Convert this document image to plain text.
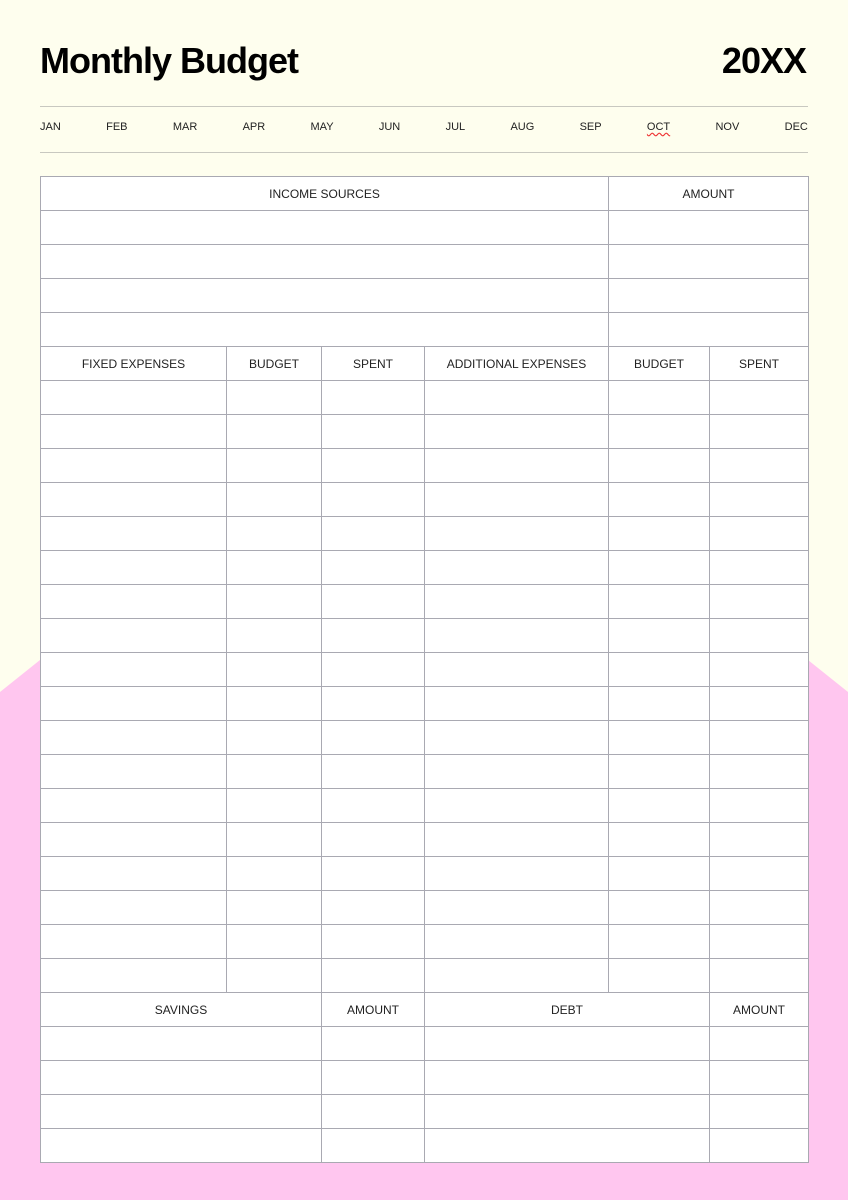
Monthly Budget	20XX
JAN	FEB	MAR	APR	MAY	JUN	JUL	AUG	SEP	OCT	NOV	DEC
INCOME SOURCES				AMOUNT	

FIXED EXPENSES	BUDGET	SPENT	ADDITIONAL EXPENSES	BUDGET	SPENT

SAVINGS		AMOUNT	DEBT		AMOUNT
